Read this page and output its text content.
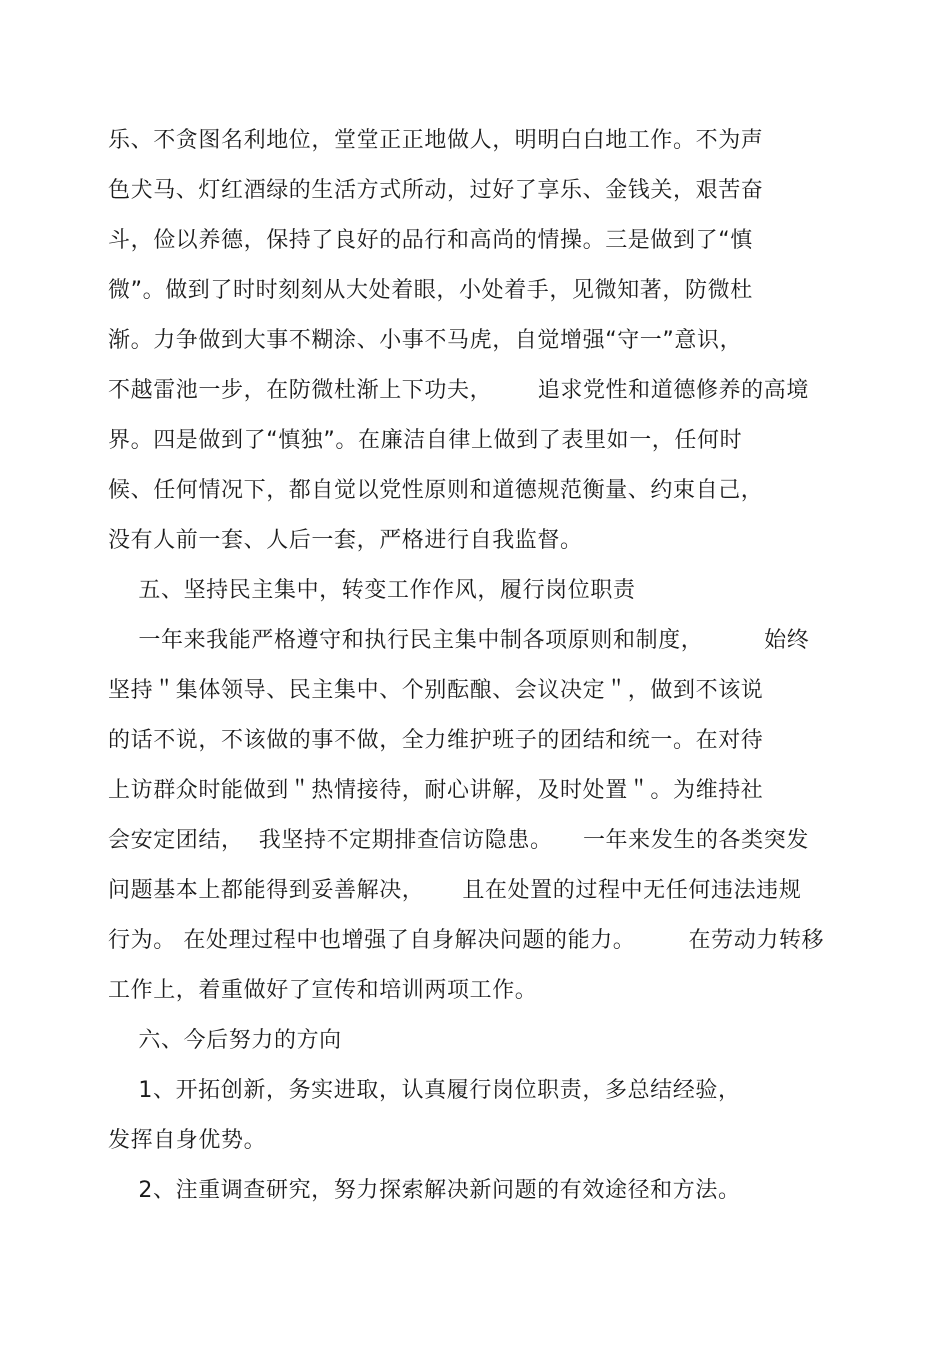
乐、不贪图名利地位，堂堂正正地做人，明明白白地工作。不为声
色犬马、灯红酒绿的生活方式所动，过好了享乐、金钱关，艰苦奋
斗，俭以养德，保持了良好的品行和高尚的情操。三是做到了“慎
微”。做到了时时刻刻从大处着眼，小处着手，见微知著，防微杜
渐。力争做到大事不糊涂、小事不马虎，自觉增强“守一”意识，
不越雷池一步，在防微杜渐上下功夫，      追求党性和道德修养的高境
界。四是做到了“慎独”。在廉洁自律上做到了表里如一，任何时
候、任何情况下，都自觉以党性原则和道德规范衡量、约束自己，
没有人前一套、人后一套，严格进行自我监督。
五、坚持民主集中，转变工作作风，履行岗位职责
一年来我能严格遵守和执行民主集中制各项原则和制度，        始终
坚持＂集体领导、民主集中、个别酝酿、会议决定＂，做到不该说
的话不说，不该做的事不做，全力维护班子的团结和统一。在对待
上访群众时能做到＂热情接待，耐心讲解，及时处置＂。为维持社
会安定团结，  我坚持不定期排查信访隐患。    一年来发生的各类突发
问题基本上都能得到妥善解决，     且在处置的过程中无任何违法违规
行为。 在处理过程中也增强了自身解决问题的能力。       在劳动力转移
工作上，着重做好了宣传和培训两项工作。
六、今后努力的方向
1、开拓创新，务实进取，认真履行岗位职责，多总结经验，
发挥自身优势。
2、注重调查研究，努力探索解决新问题的有效途径和方法。
